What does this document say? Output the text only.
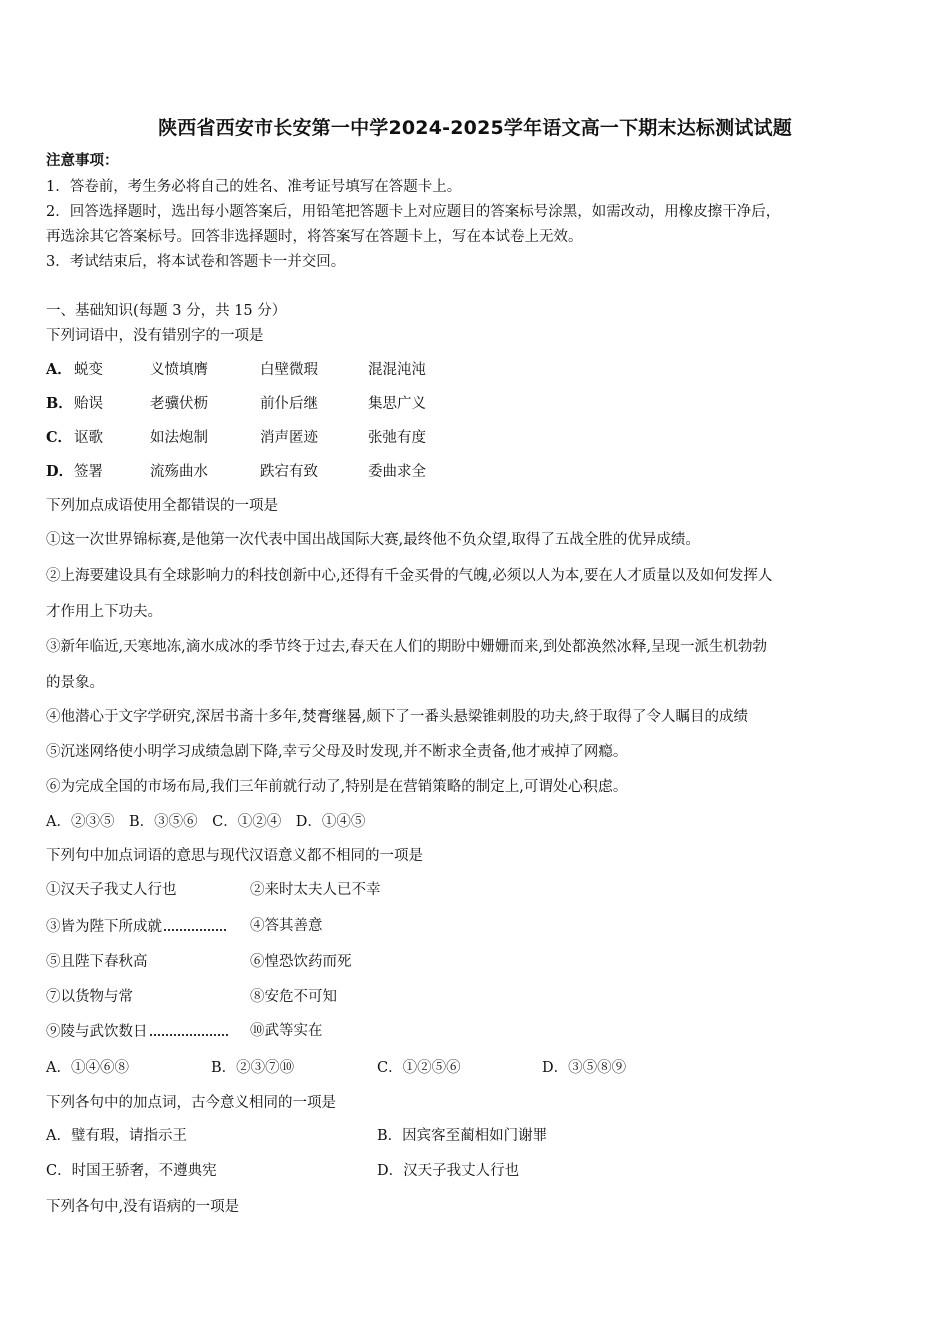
陕西省西安市长安第一中学2024-2025学年语文高一下期末达标测试试题
注意事项：
1．答卷前，考生务必将自己的姓名、准考证号填写在答题卡上。
2．回答选择题时，选出每小题答案后，用铅笔把答题卡上对应题目的答案标号涂黑，如需改动，用橡皮擦干净后，
再选涂其它答案标号。回答非选择题时，将答案写在答题卡上，写在本试卷上无效。
3．考试结束后，将本试卷和答题卡一并交回。
一、基础知识(每题 3 分，共 15 分）
下列词语中，没有错别字的一项是
A． 蜕变	义愤填膺	白壁微瑕	混混沌沌
B． 贻误	老骥伏枥	前仆后继	集思广义
C． 讴歌	如法炮制	消声匿迹	张弛有度
D． 签署	流殇曲水	跌宕有致	委曲求全
下列加点成语使用全都错误的一项是
①这一次世界锦标赛,是他第一次代表中国出战国际大赛,最终他不负众望,取得了五战全胜的优异成绩。
②上海要建设具有全球影响力的科技创新中心,还得有千金买骨的气魄,必须以人为本,要在人才质量以及如何发挥人
才作用上下功夫。
③新年临近,天寒地冻,滴水成冰的季节终于过去,春天在人们的期盼中姗姗而来,到处都涣然冰释,呈现一派生机勃勃
的景象。
④他潜心于文字学研究,深居书斋十多年,焚膏继晷,颇下了一番头悬梁锥刺股的功夫,終于取得了令人瞩目的成绩
⑤沉迷网络使小明学习成绩急剧下降,幸亏父母及时发现,并不断求全责备,他才戒掉了网瘾。
⑥为完成全国的市场布局,我们三年前就行动了,特别是在营销策略的制定上,可谓处心积虑。
A．②③⑤　B．③⑤⑥　C．①②④　D．①④⑤
下列句中加点词语的意思与现代汉语意义都不相同的一项是
①汉天子我丈人行也	②来时太夫人已不幸
③皆为陛下所成就	④答其善意
⑤且陛下春秋高	⑥惶恐饮药而死
⑦以货物与常	⑧安危不可知
⑨陵与武饮数日	⑩武等实在
A．①④⑥⑧	B．②③⑦⑩	C．①②⑤⑥	D．③⑤⑧⑨
下列各句中的加点词，古今意义相同的一项是
A．璧有瑕，请指示王	B．因宾客至蔺相如门谢罪
C．时国王骄奢，不遵典宪	D．汉天子我丈人行也
下列各句中,没有语病的一项是
